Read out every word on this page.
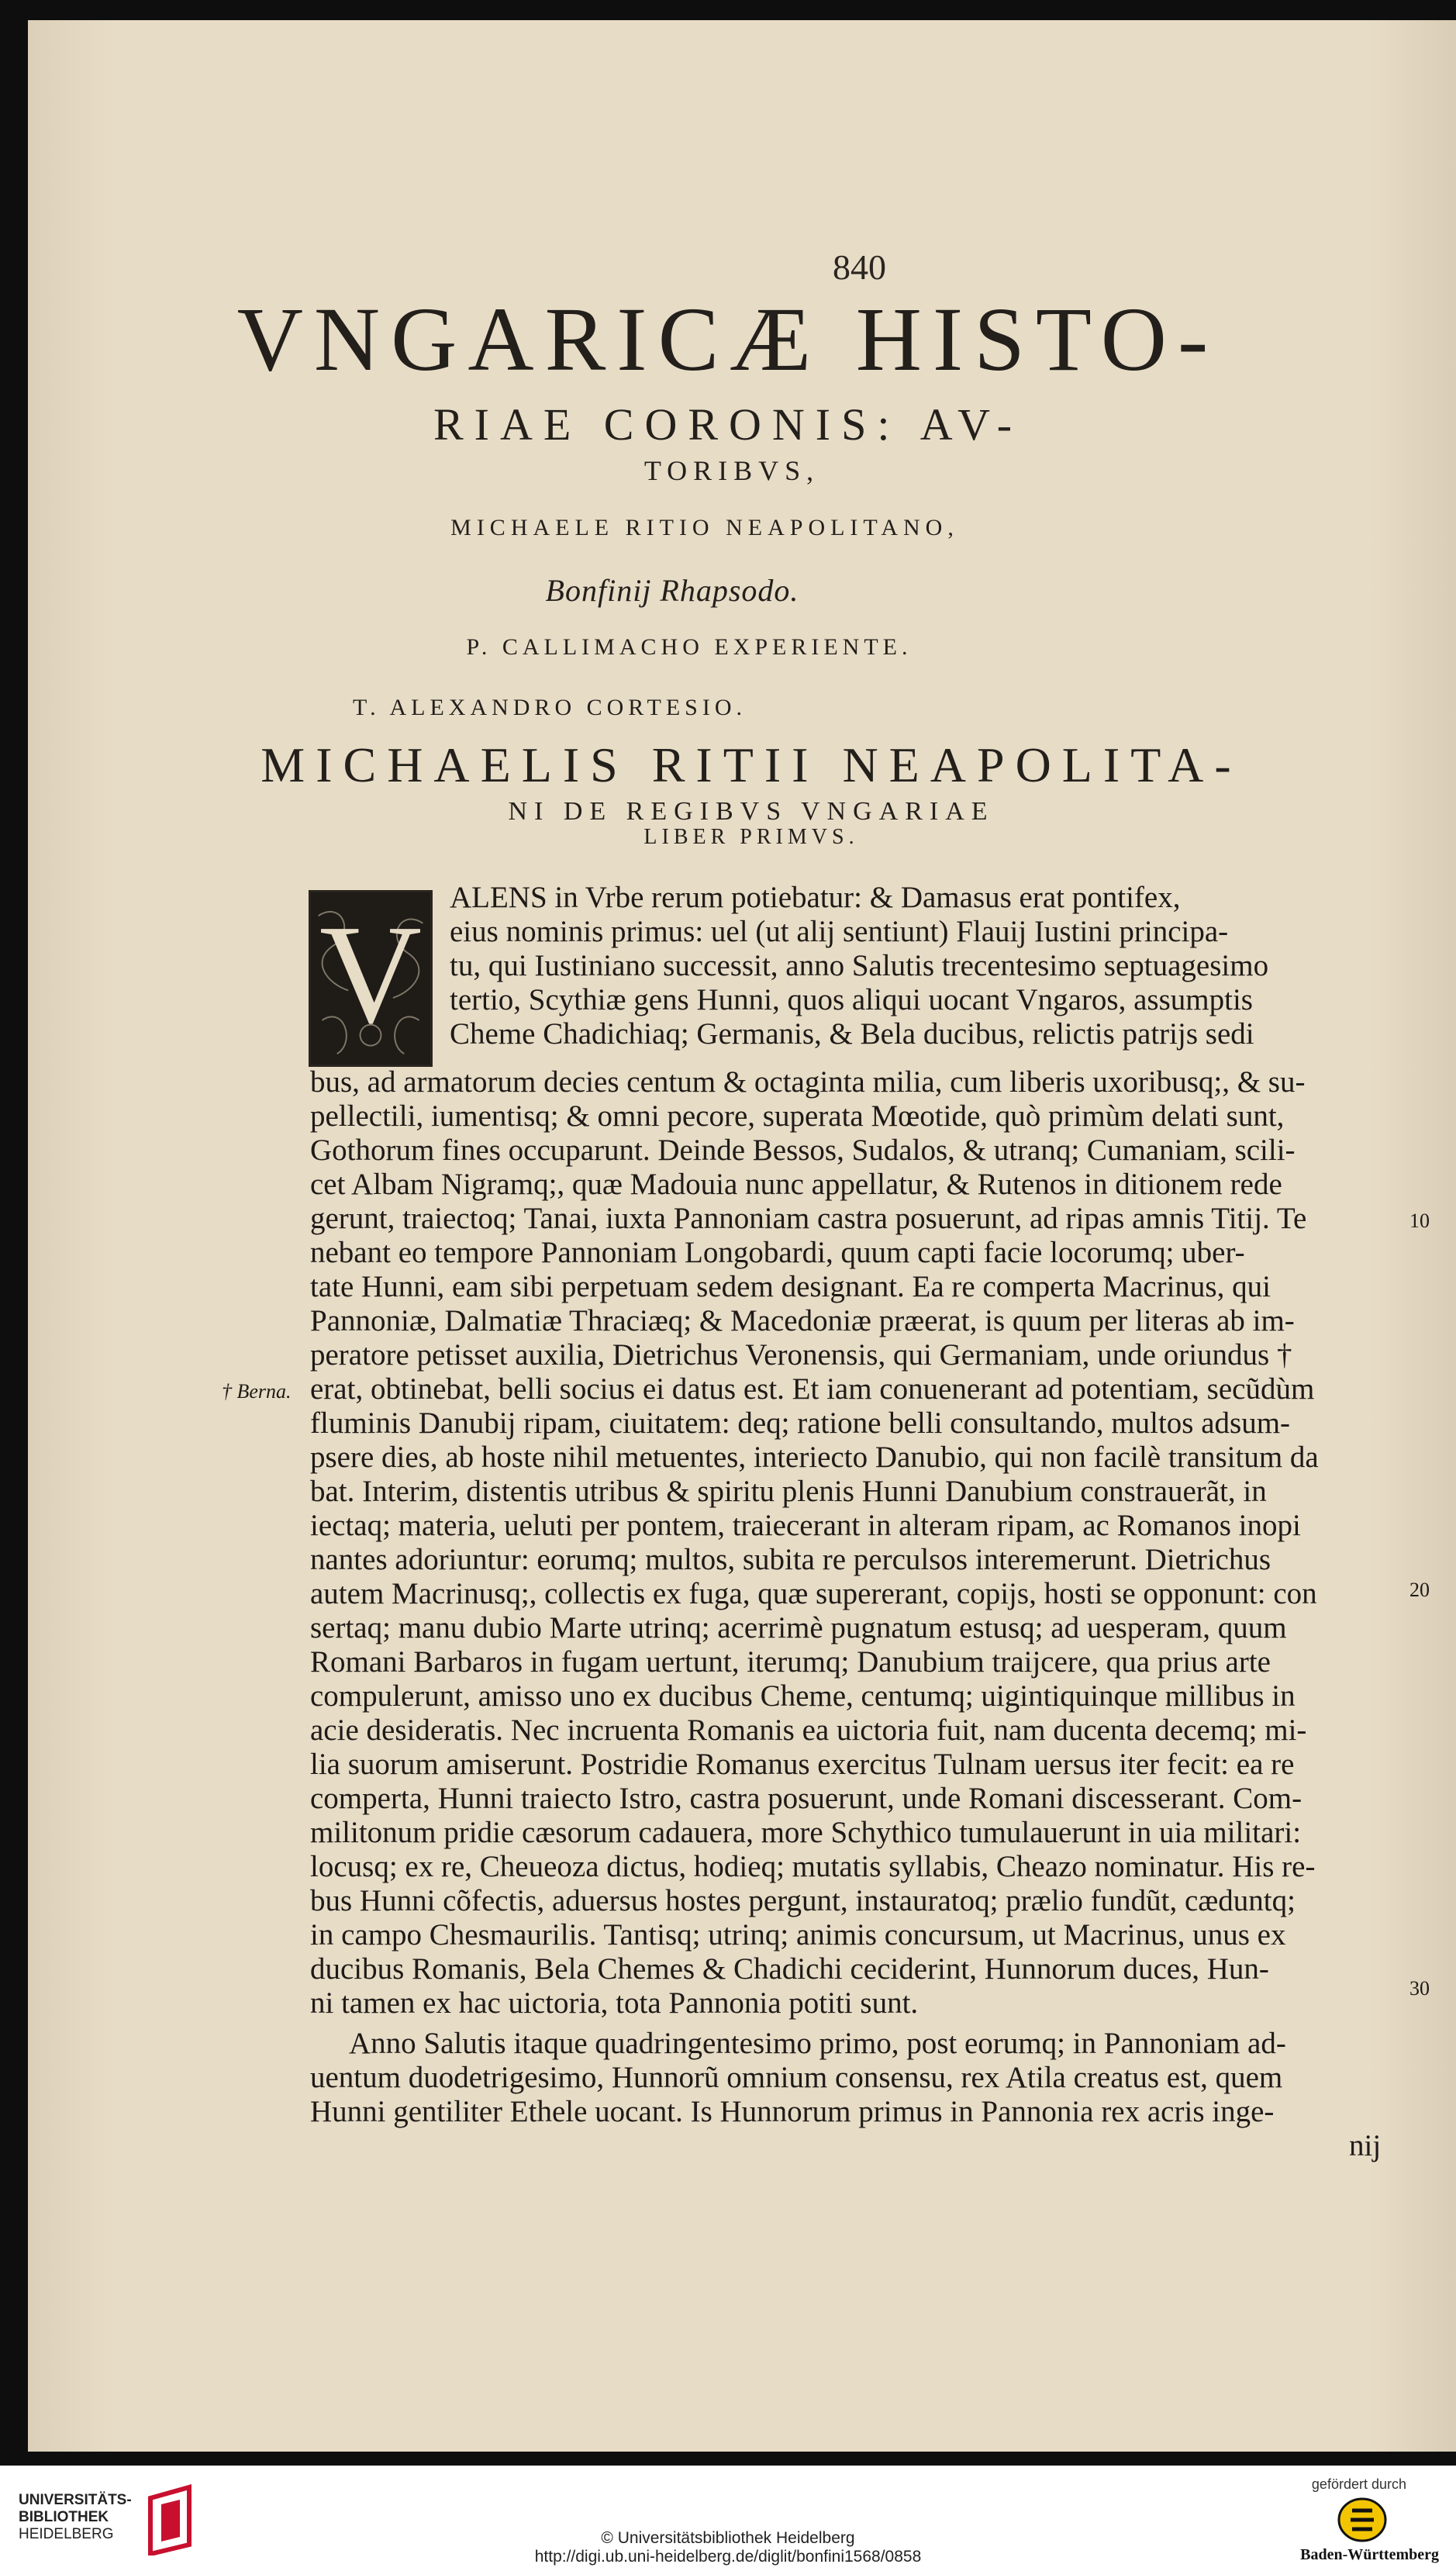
840
VNGARICÆ HISTO-
RIAE CORONIS: AV-
TORIBVS,
MICHAELE RITIO NEAPOLITANO,
Bonfinij Rhapsodo.
P. CALLIMACHO EXPERIENTE.
T. ALEXANDRO CORTESIO.
MICHAELIS RITII NEAPOLITA-
NI DE REGIBVS VNGARIAE
LIBER PRIMVS.
V ALENS in Vrbe rerum potiebatur: & Damasus erat pontifex,
eius nominis primus: uel (ut alij sentiunt) Flauij Iustini principa-
tu, qui Iustiniano successit, anno Salutis trecentesimo septuagesimo
tertio, Scythiæ gens Hunni, quos aliqui uocant Vngaros, assumptis
Cheme Chadichiaq; Germanis, & Bela ducibus, relictis patrijs sedi
bus, ad armatorum decies centum & octaginta milia, cum liberis uxoribusq;, & su-
pellectili, iumentisq; & omni pecore, superata Mœotide, quò primùm delati sunt,
Gothorum fines occuparunt. Deinde Bessos, Sudalos, & utranq; Cumaniam, scili-
cet Albam Nigramq;, quæ Madouia nunc appellatur, & Rutenos in ditionem rede
gerunt, traiectoq; Tanai, iuxta Pannoniam castra posuerunt, ad ripas amnis Titij. Te
nebant eo tempore Pannoniam Longobardi, quum capti facie locorumq; uber-
tate Hunni, eam sibi perpetuam sedem designant. Ea re comperta Macrinus, qui
Pannoniæ, Dalmatiæ Thraciæq; & Macedoniæ præerat, is quum per literas ab im-
peratore petisset auxilia, Dietrichus Veronensis, qui Germaniam, unde oriundus †
erat, obtinebat, belli socius ei datus est. Et iam conuenerant ad potentiam, secũdùm
fluminis Danubij ripam, ciuitatem: deq; ratione belli consultando, multos adsum-
psere dies, ab hoste nihil metuentes, interiecto Danubio, qui non facilè transitum da
bat. Interim, distentis utribus & spiritu plenis Hunni Danubium constrauerãt, in
iectaq; materia, ueluti per pontem, traiecerant in alteram ripam, ac Romanos inopi
nantes adoriuntur: eorumq; multos, subita re perculsos interemerunt. Dietrichus
autem Macrinusq;, collectis ex fuga, quæ supererant, copijs, hosti se opponunt: con
sertaq; manu dubio Marte utrinq; acerrimè pugnatum estusq; ad uesperam, quum
Romani Barbaros in fugam uertunt, iterumq; Danubium traijcere, qua prius arte
compulerunt, amisso uno ex ducibus Cheme, centumq; uigintiquinque millibus in
acie desideratis. Nec incruenta Romanis ea uictoria fuit, nam ducenta decemq; mi-
lia suorum amiserunt. Postridie Romanus exercitus Tulnam uersus iter fecit: ea re
comperta, Hunni traiecto Istro, castra posuerunt, unde Romani discesserant. Com-
militonum pridie cæsorum cadauera, more Schythico tumulauerunt in uia militari:
locusq; ex re, Cheueoza dictus, hodieq; mutatis syllabis, Cheazo nominatur. His re-
bus Hunni cõfectis, aduersus hostes pergunt, instauratoq; prælio fundũt, cæduntq;
in campo Chesmaurilis. Tantisq; utrinq; animis concursum, ut Macrinus, unus ex
ducibus Romanis, Bela Chemes & Chadichi ceciderint, Hunnorum duces, Hun-
ni tamen ex hac uictoria, tota Pannonia potiti sunt.
Anno Salutis itaque quadringentesimo primo, post eorumq; in Pannoniam ad-
uentum duodetrigesimo, Hunnorũ omnium consensu, rex Atila creatus est, quem
Hunni gentiliter Ethele uocant. Is Hunnorum primus in Pannonia rex acris inge-
nij
† Berna.
10
20
30
UNIVERSITÄTS-
BIBLIOTHEK
HEIDELBERG	© Universitätsbibliothek Heidelberg
http://digi.ub.uni-heidelberg.de/diglit/bonfini1568/0858
gefördert durch
Baden-Württemberg
